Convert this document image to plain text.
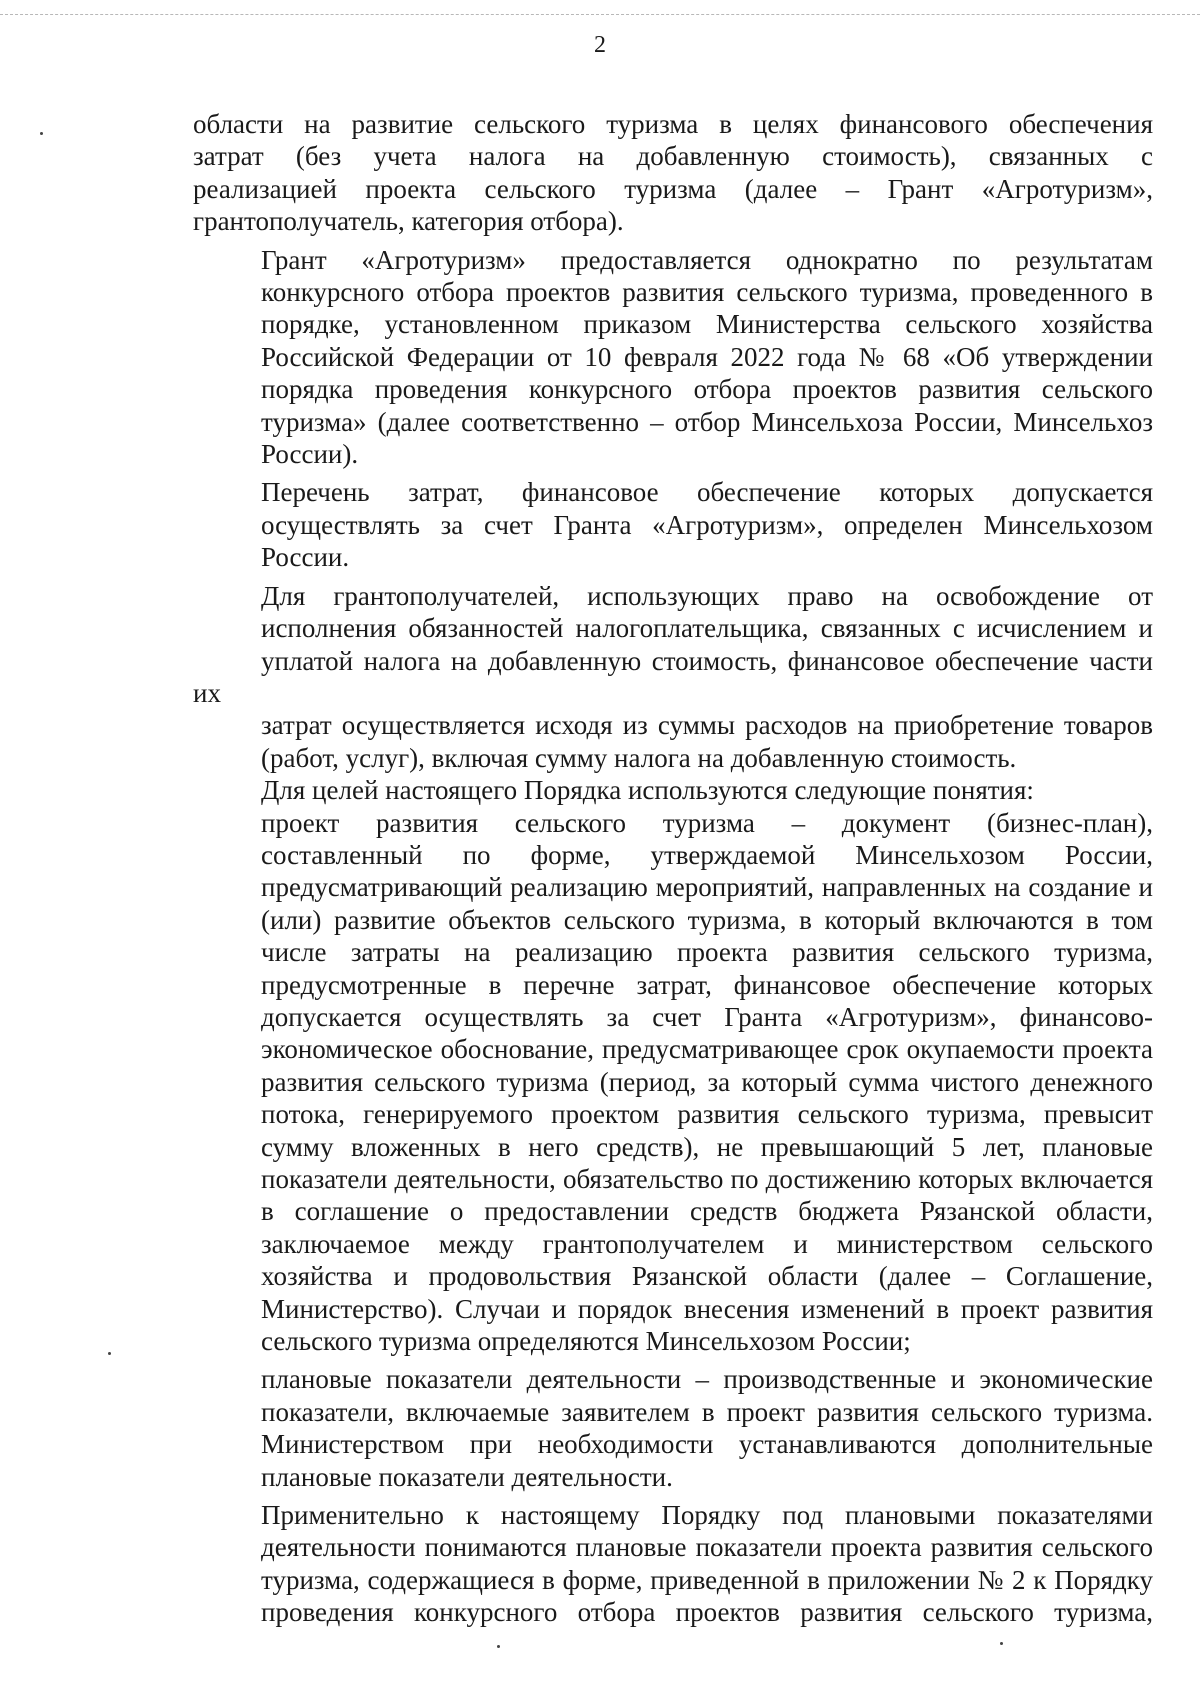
2

области на развитие сельского туризма в целях финансового обеспечения
затрат (без учета налога на добавленную стоимость), связанных с
реализацией проекта сельского туризма (далее – Грант «Агротуризм»,
грантополучатель, категория отбора).

Грант «Агротуризм» предоставляется однократно по результатам
конкурсного отбора проектов развития сельского туризма, проведенного в
порядке, установленном приказом Министерства сельского хозяйства
Российской Федерации от 10 февраля 2022 года № 68 «Об утверждении
порядка проведения конкурсного отбора проектов развития сельского
туризма» (далее соответственно – отбор Минсельхоза России, Минсельхоз
России).

Перечень затрат, финансовое обеспечение которых допускается
осуществлять за счет Гранта «Агротуризм», определен Минсельхозом
России.

Для грантополучателей, использующих право на освобождение от
исполнения обязанностей налогоплательщика, связанных с исчислением и
уплатой налога на добавленную стоимость, финансовое обеспечение части их
затрат осуществляется исходя из суммы расходов на приобретение товаров
(работ, услуг), включая сумму налога на добавленную стоимость.

Для целей настоящего Порядка используются следующие понятия:

проект развития сельского туризма – документ (бизнес-план),
составленный по форме, утверждаемой Минсельхозом России,
предусматривающий реализацию мероприятий, направленных на создание и
(или) развитие объектов сельского туризма, в который включаются в том
числе затраты на реализацию проекта развития сельского туризма,
предусмотренные в перечне затрат, финансовое обеспечение которых
допускается осуществлять за счет Гранта «Агротуризм», финансово-
экономическое обоснование, предусматривающее срок окупаемости проекта
развития сельского туризма (период, за который сумма чистого денежного
потока, генерируемого проектом развития сельского туризма, превысит
сумму вложенных в него средств), не превышающий 5 лет, плановые
показатели деятельности, обязательство по достижению которых включается
в соглашение о предоставлении средств бюджета Рязанской области,
заключаемое между грантополучателем и министерством сельского
хозяйства и продовольствия Рязанской области (далее – Соглашение,
Министерство). Случаи и порядок внесения изменений в проект развития
сельского туризма определяются Минсельхозом России;

плановые показатели деятельности – производственные и экономические
показатели, включаемые заявителем в проект развития сельского туризма.
Министерством при необходимости устанавливаются дополнительные
плановые показатели деятельности.

Применительно к настоящему Порядку под плановыми показателями
деятельности понимаются плановые показатели проекта развития сельского
туризма, содержащиеся в форме, приведенной в приложении № 2 к Порядку
проведения конкурсного отбора проектов развития сельского туризма,
